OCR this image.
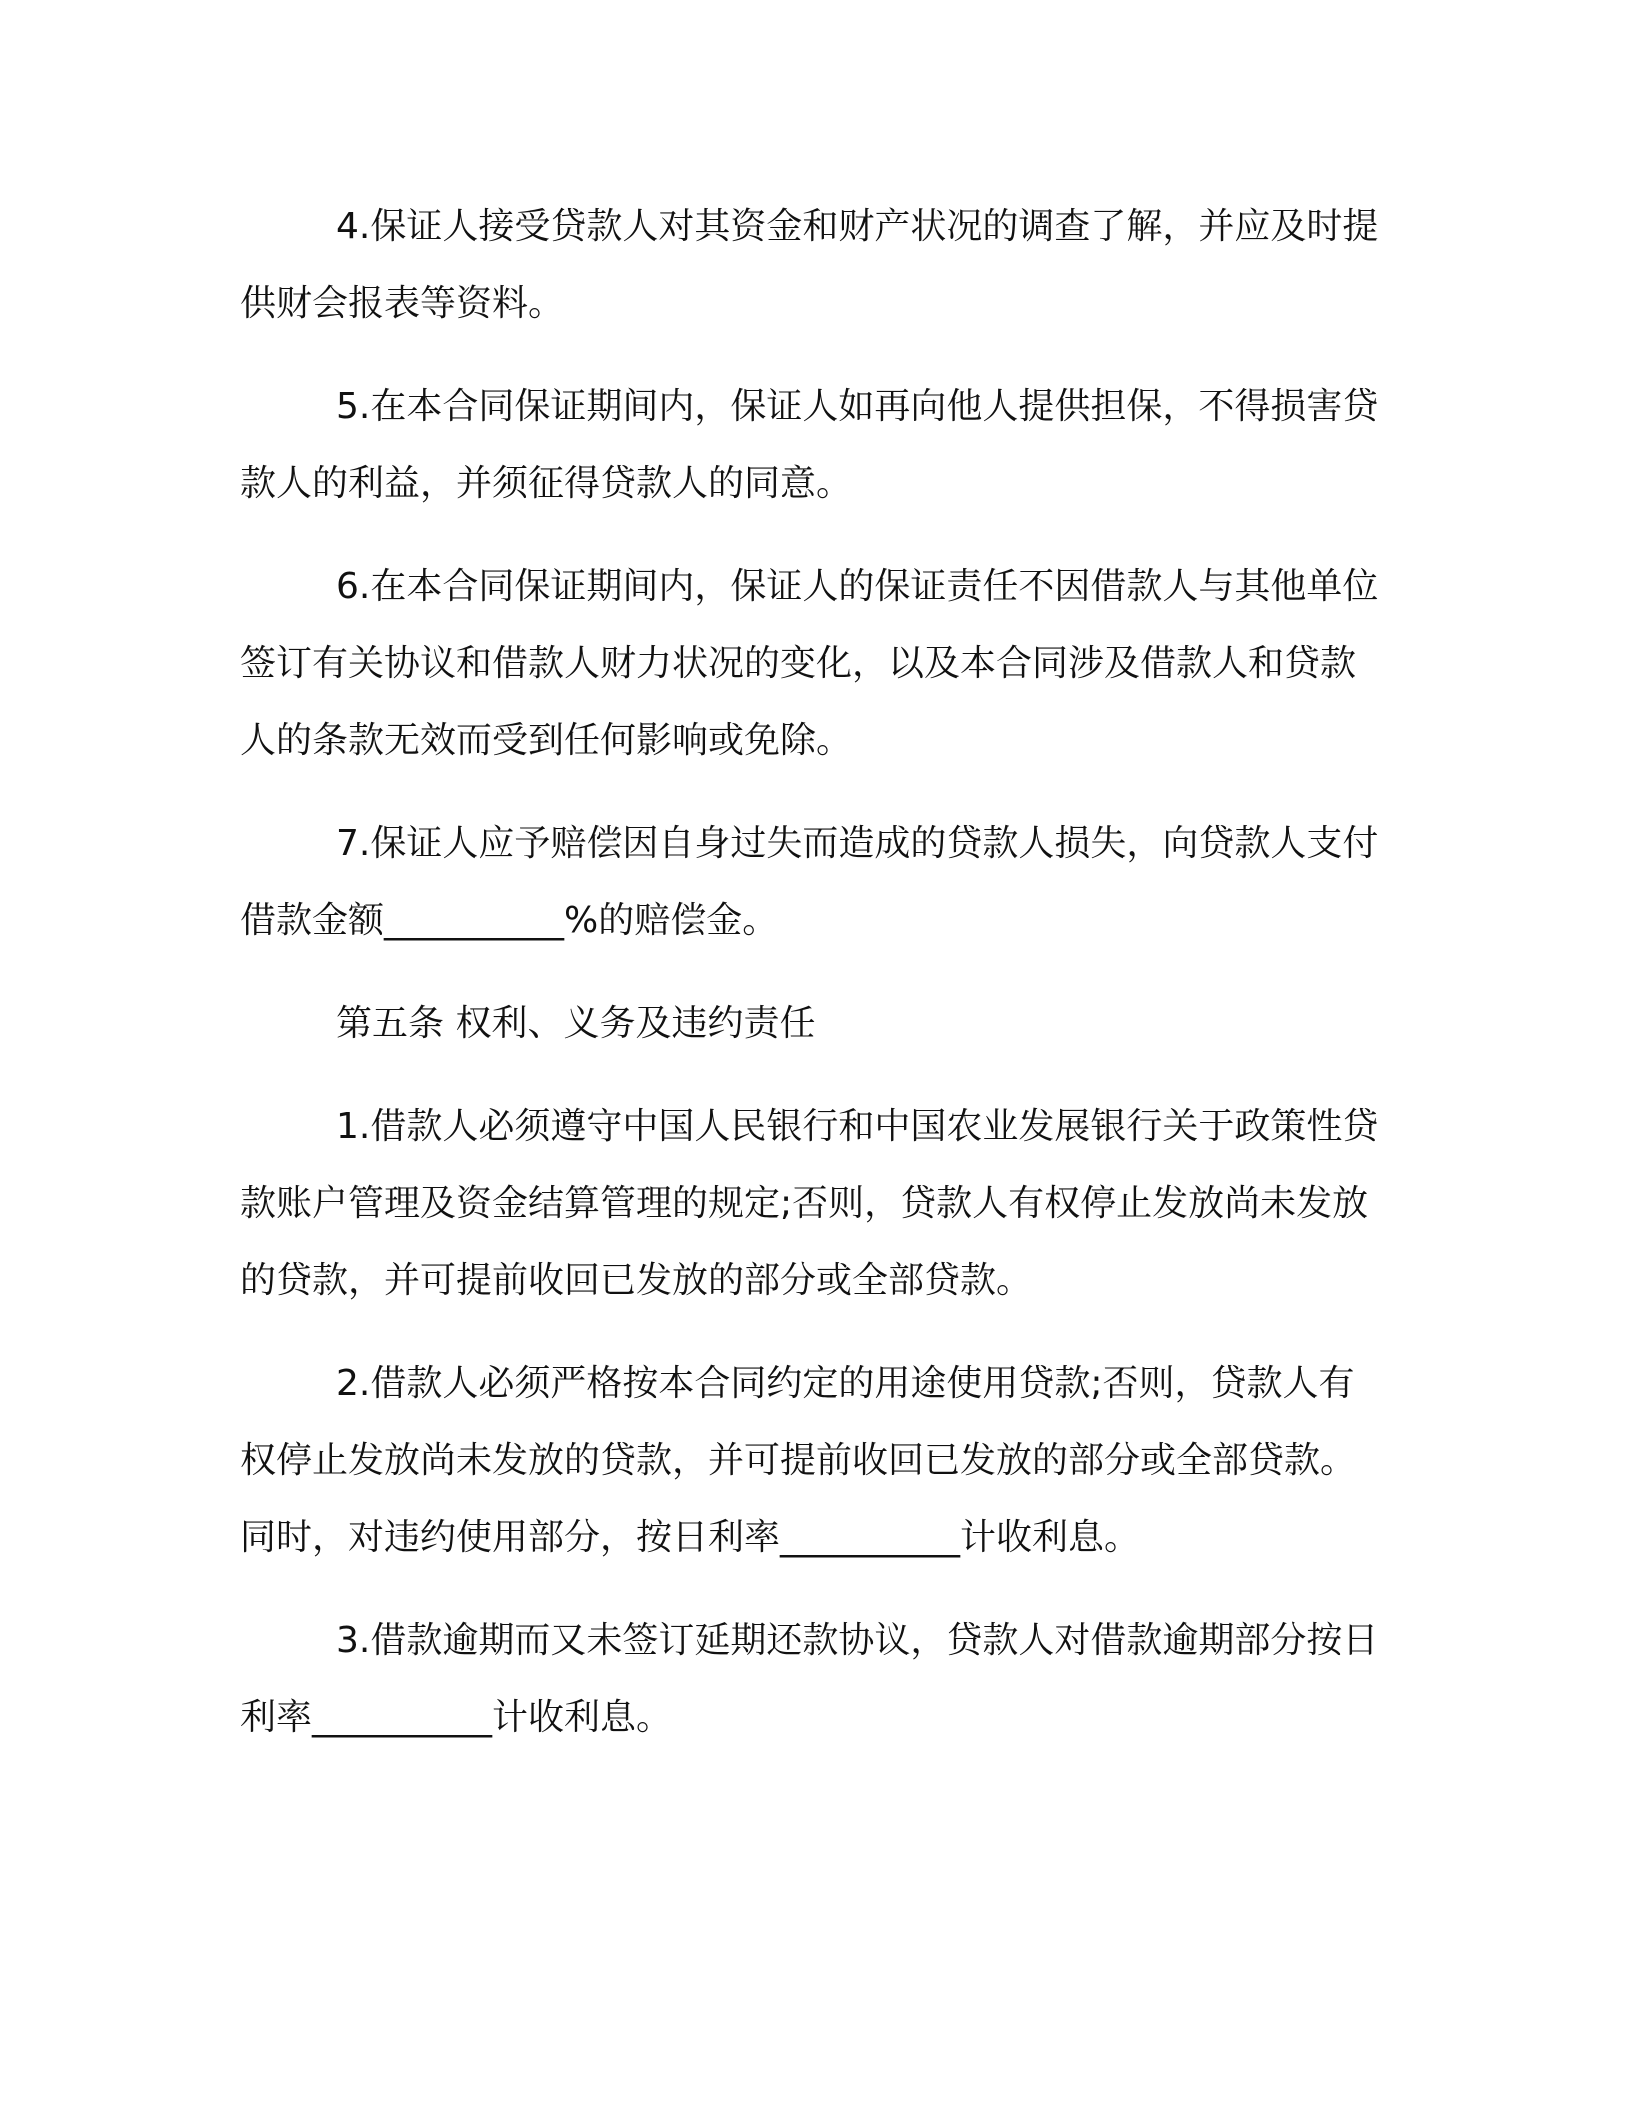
4.保证人接受贷款人对其资金和财产状况的调查了解，并应及时提供财会报表等资料。

5.在本合同保证期间内，保证人如再向他人提供担保，不得损害贷款人的利益，并须征得贷款人的同意。

6.在本合同保证期间内，保证人的保证责任不因借款人与其他单位签订有关协议和借款人财力状况的变化，以及本合同涉及借款人和贷款人的条款无效而受到任何影响或免除。

7.保证人应予赔偿因自身过失而造成的贷款人损失，向贷款人支付借款金额__________%的赔偿金。

第五条 权利、义务及违约责任

1.借款人必须遵守中国人民银行和中国农业发展银行关于政策性贷款账户管理及资金结算管理的规定;否则，贷款人有权停止发放尚未发放的贷款，并可提前收回已发放的部分或全部贷款。

2.借款人必须严格按本合同约定的用途使用贷款;否则，贷款人有权停止发放尚未发放的贷款，并可提前收回已发放的部分或全部贷款。同时，对违约使用部分，按日利率__________计收利息。

3.借款逾期而又未签订延期还款协议，贷款人对借款逾期部分按日利率__________计收利息。
